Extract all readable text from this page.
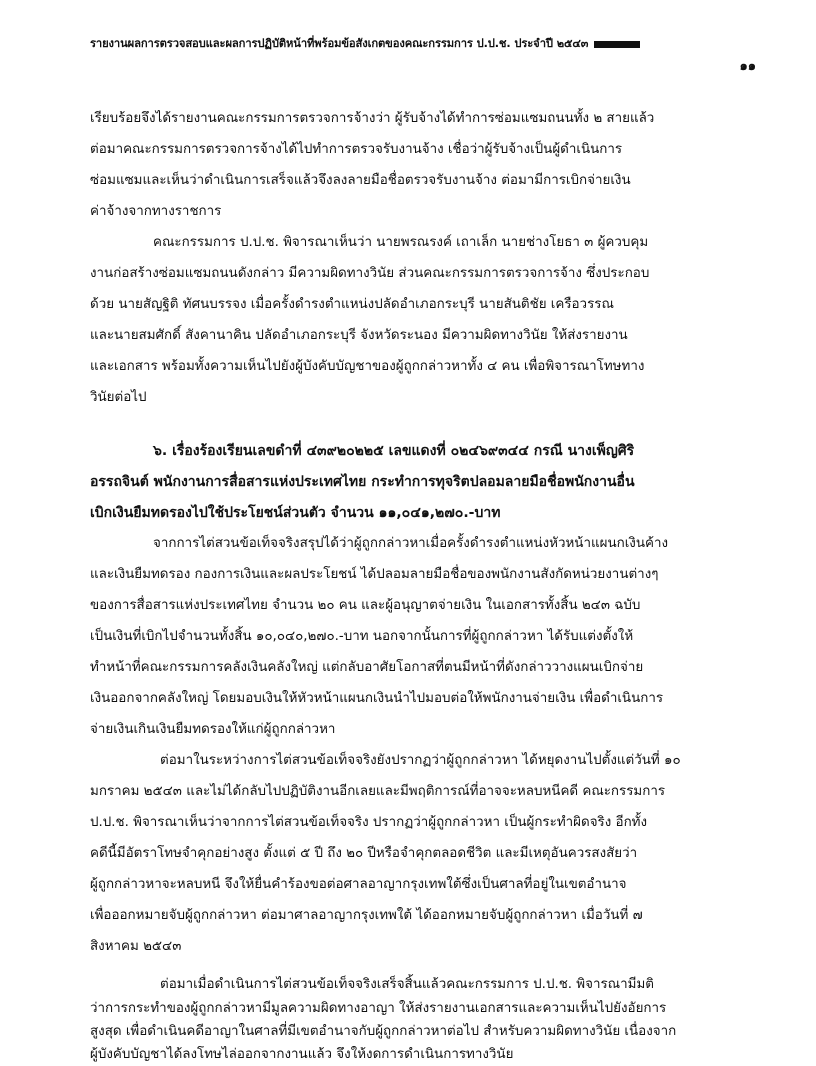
รายงานผลการตรวจสอบและผลการปฏิบัติหน้าที่พร้อมข้อสังเกตของคณะกรรมการ ป.ป.ช. ประจำปี ๒๕๔๓
๑๑
เรียบร้อยจึงได้รายงานคณะกรรมการตรวจการจ้างว่า ผู้รับจ้างได้ทำการซ่อมแซมถนนทั้ง ๒ สายแล้ว
ต่อมาคณะกรรมการตรวจการจ้างได้ไปทำการตรวจรับงานจ้าง เชื่อว่าผู้รับจ้างเป็นผู้ดำเนินการ
ซ่อมแซมและเห็นว่าดำเนินการเสร็จแล้วจึงลงลายมือชื่อตรวจรับงานจ้าง ต่อมามีการเบิกจ่ายเงิน
ค่าจ้างจากทางราชการ
คณะกรรมการ ป.ป.ช. พิจารณาเห็นว่า นายพรณรงค์ เถาเล็ก นายช่างโยธา ๓ ผู้ควบคุม
งานก่อสร้างซ่อมแซมถนนดังกล่าว มีความผิดทางวินัย ส่วนคณะกรรมการตรวจการจ้าง ซึ่งประกอบ
ด้วย นายสัญฐิติ ทัศนบรรจง เมื่อครั้งดำรงตำแหน่งปลัดอำเภอกระบุรี นายสันติชัย เครือวรรณ
และนายสมศักดิ์ สังคานาคิน ปลัดอำเภอกระบุรี จังหวัดระนอง มีความผิดทางวินัย ให้ส่งรายงาน
และเอกสาร พร้อมทั้งความเห็นไปยังผู้บังคับบัญชาของผู้ถูกกล่าวหาทั้ง ๔ คน เพื่อพิจารณาโทษทาง
วินัยต่อไป
๖. เรื่องร้องเรียนเลขดำที่ ๔๓๙๒๐๒๒๕ เลขแดงที่ ๐๒๔๖๙๓๔๔ กรณี นางเพ็ญศิริ
อรรถจินต์ พนักงานการสื่อสารแห่งประเทศไทย กระทำการทุจริตปลอมลายมือชื่อพนักงานอื่น
เบิกเงินยืมทดรองไปใช้ประโยชน์ส่วนตัว จำนวน ๑๑,๐๔๑,๒๗๐.-บาท
จากการไต่สวนข้อเท็จจริงสรุปได้ว่าผู้ถูกกล่าวหาเมื่อครั้งดำรงตำแหน่งหัวหน้าแผนกเงินค้าง
และเงินยืมทดรอง กองการเงินและผลประโยชน์ ได้ปลอมลายมือชื่อของพนักงานสังกัดหน่วยงานต่างๆ
ของการสื่อสารแห่งประเทศไทย จำนวน ๒๐ คน และผู้อนุญาตจ่ายเงิน ในเอกสารทั้งสิ้น ๒๔๓ ฉบับ
เป็นเงินที่เบิกไปจำนวนทั้งสิ้น ๑๐,๐๔๐,๒๗๐.-บาท นอกจากนั้นการที่ผู้ถูกกล่าวหา ได้รับแต่งตั้งให้
ทำหน้าที่คณะกรรมการคลังเงินคลังใหญ่ แต่กลับอาศัยโอกาสที่ตนมีหน้าที่ดังกล่าววางแผนเบิกจ่าย
เงินออกจากคลังใหญ่ โดยมอบเงินให้หัวหน้าแผนกเงินนำไปมอบต่อให้พนักงานจ่ายเงิน เพื่อดำเนินการ
จ่ายเงินเกินเงินยืมทดรองให้แก่ผู้ถูกกล่าวหา
ต่อมาในระหว่างการไต่สวนข้อเท็จจริงยังปรากฏว่าผู้ถูกกล่าวหา ได้หยุดงานไปตั้งแต่วันที่ ๑๐
มกราคม ๒๕๔๓ และไม่ได้กลับไปปฏิบัติงานอีกเลยและมีพฤติการณ์ที่อาจจะหลบหนีคดี คณะกรรมการ
ป.ป.ช. พิจารณาเห็นว่าจากการไต่สวนข้อเท็จจริง ปรากฏว่าผู้ถูกกล่าวหา เป็นผู้กระทำผิดจริง อีกทั้ง
คดีนี้มีอัตราโทษจำคุกอย่างสูง ตั้งแต่ ๕ ปี ถึง ๒๐ ปีหรือจำคุกตลอดชีวิต และมีเหตุอันควรสงสัยว่า
ผู้ถูกกล่าวหาจะหลบหนี จึงให้ยื่นคำร้องขอต่อศาลอาญากรุงเทพใต้ซึ่งเป็นศาลที่อยู่ในเขตอำนาจ
เพื่อออกหมายจับผู้ถูกกล่าวหา ต่อมาศาลอาญากรุงเทพใต้ ได้ออกหมายจับผู้ถูกกล่าวหา เมื่อวันที่ ๗
สิงหาคม ๒๕๔๓
ต่อมาเมื่อดำเนินการไต่สวนข้อเท็จจริงเสร็จสิ้นแล้วคณะกรรมการ ป.ป.ช. พิจารณามีมติ
ว่าการกระทำของผู้ถูกกล่าวหามีมูลความผิดทางอาญา ให้ส่งรายงานเอกสารและความเห็นไปยังอัยการ
สูงสุด เพื่อดำเนินคดีอาญาในศาลที่มีเขตอำนาจกับผู้ถูกกล่าวหาต่อไป สำหรับความผิดทางวินัย เนื่องจาก
ผู้บังคับบัญชาได้ลงโทษไล่ออกจากงานแล้ว จึงให้งดการดำเนินการทางวินัย
